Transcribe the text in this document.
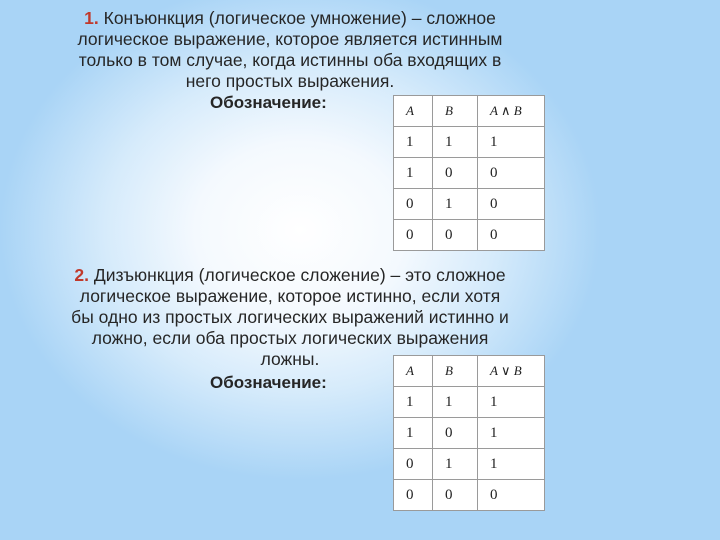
1. Конъюнкция (логическое умножение) – сложное
логическое выражение, которое является истинным
только в том случае, когда истинны оба входящих в
него простых выражения.
Обозначение:	A	B	A ∧ B
1	1	1
1	0	0
0	1	0
0	0	0
2. Дизъюнкция (логическое сложение) – это сложное
логическое выражение, которое истинно, если хотя
бы одно из простых логических выражений истинно и
ложно, если оба простых логических выражения
ложны.
Обозначение:
A	B	A ∨ B
1	1	1
1	0	1
0	1	1
0	0	0
